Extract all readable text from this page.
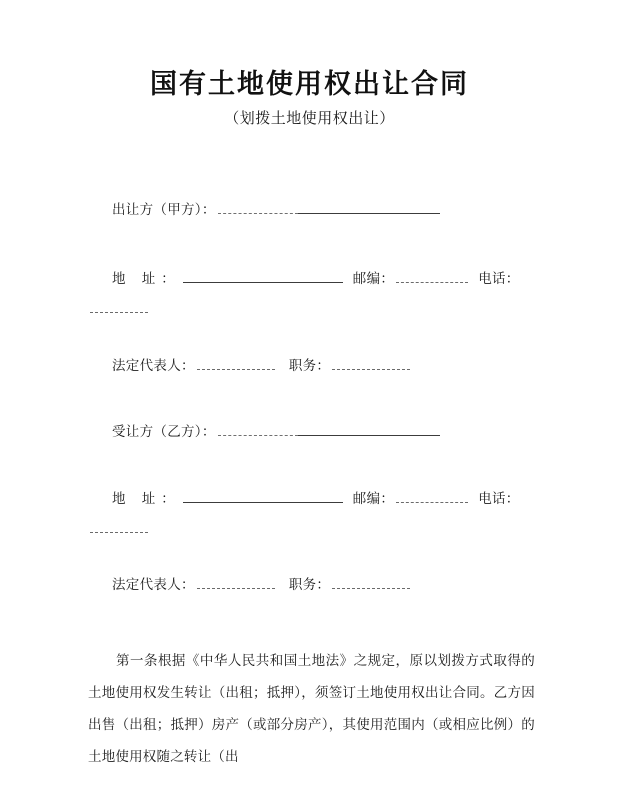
国有土地使用权出让合同
（划拨土地使用权出让）
出让方（甲方）：
地 址：	邮编：	电话：
法定代表人：	职务：
受让方（乙方）：
地 址：	邮编：	电话：
法定代表人：	职务：
第一条根据《中华人民共和国土地法》之规定，原以划拨方式取得的土地使用权发生转让（出租；抵押），须签订土地使用权出让合同。乙方因出售（出租；抵押）房产（或部分房产），其使用范围内（或相应比例）的土地使用权随之转让（出
